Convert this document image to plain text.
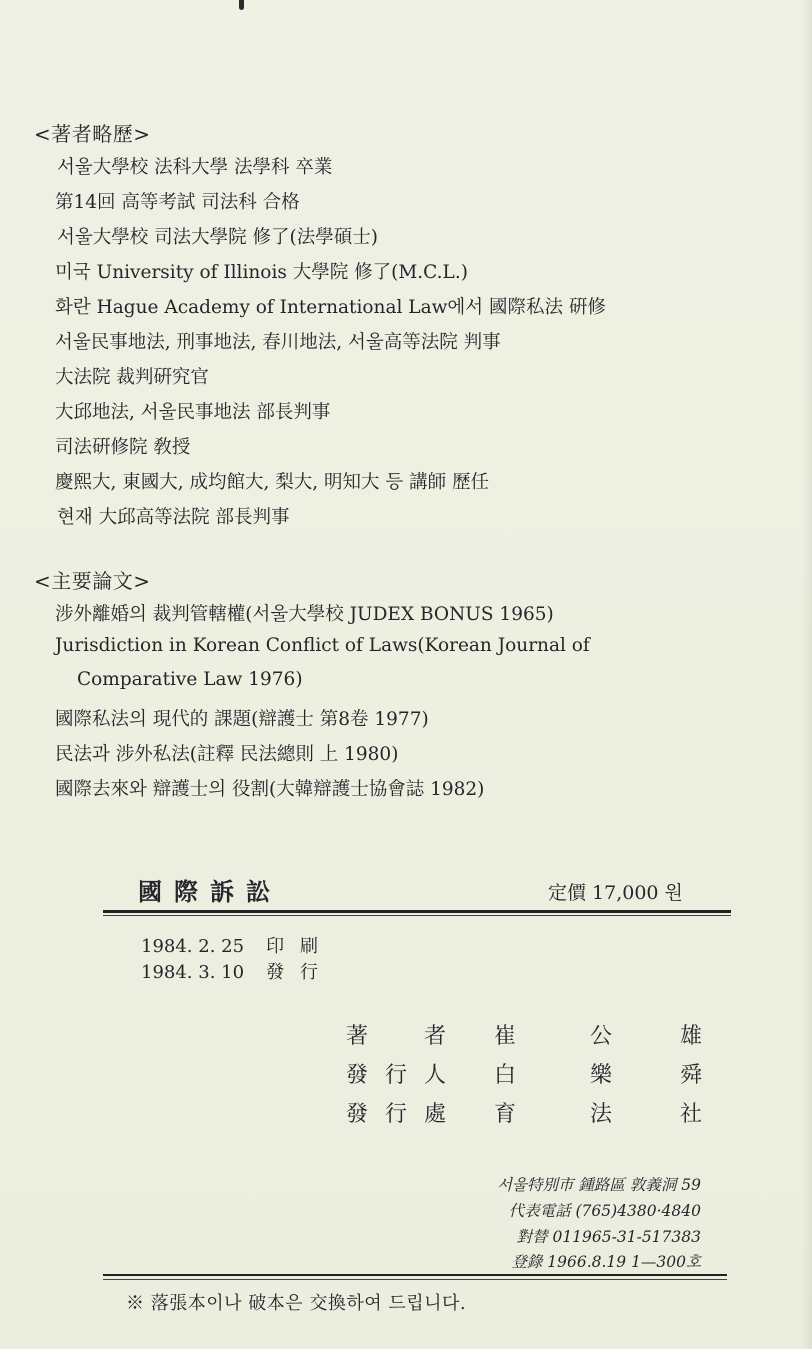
<著者略歷>
서울大學校 法科大學 法學科 卒業
第14回 高等考試 司法科 合格
서울大學校 司法大學院 修了(法學碩士)
미국 University of Illinois 大學院 修了(M.C.L.)
화란 Hague Academy of International Law에서 國際私法 硏修
서울民事地法, 刑事地法, 春川地法, 서울高等法院 判事
大法院 裁判硏究官
大邱地法, 서울民事地法 部長判事
司法硏修院 敎授
慶熙大, 東國大, 成均館大, 梨大, 明知大 등 講師 歷任
현재 大邱高等法院 部長判事
<主要論文>
涉外離婚의 裁判管轄權(서울大學校 JUDEX BONUS 1965)
Jurisdiction in Korean Conflict of Laws(Korean Journal of
Comparative Law 1976)
國際私法의 現代的 課題(辯護士 第8卷 1977)
民法과 涉外私法(註釋 民法總則 上 1980)
國際去來와 辯護士의 役割(大韓辯護士協會誌 1982)
國際訴訟	定價 17,000 원
1984. 2. 25 印刷
1984. 3. 10 發行
著	者 崔	公	雄
發 行 人 白	樂	舜
發 行 處 育	法	社
서울特別市 鍾路區 敦義洞 59
代表電話 (765)4380·4840
對替 011965-31-517383
登錄 1966.8.19 1—300호
※ 落張本이나 破本은 交換하여 드립니다.
